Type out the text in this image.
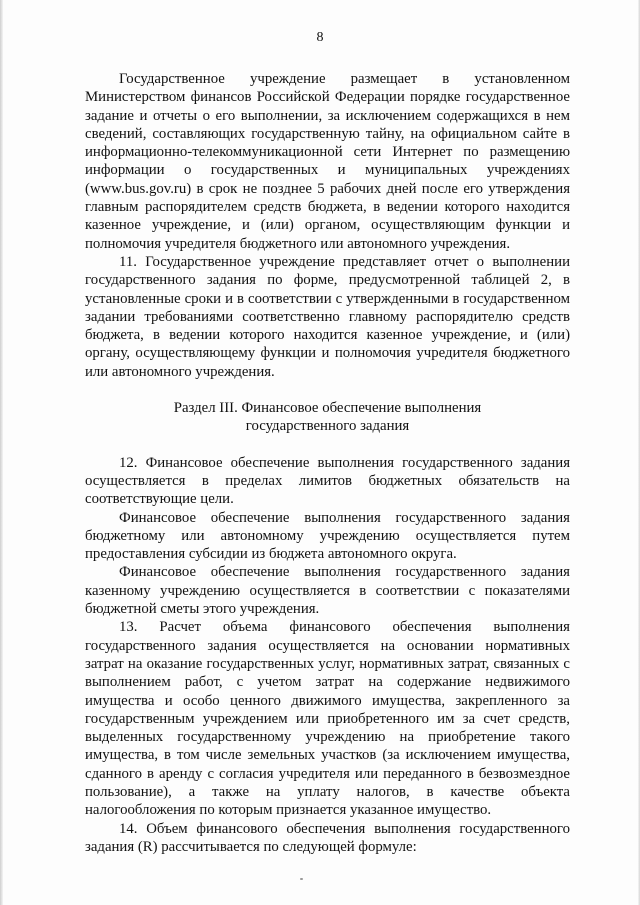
8

Государственное учреждение размещает в установленном Министерством финансов Российской Федерации порядке государственное задание и отчеты о его выполнении, за исключением содержащихся в нем сведений, составляющих государственную тайну, на официальном сайте в информационно-телекоммуникационной сети Интернет по размещению информации о государственных и муниципальных учреждениях (www.bus.gov.ru) в срок не позднее 5 рабочих дней после его утверждения главным распорядителем средств бюджета, в ведении которого находится казенное учреждение, и (или) органом, осуществляющим функции и полномочия учредителя бюджетного или автономного учреждения.

11. Государственное учреждение представляет отчет о выполнении государственного задания по форме, предусмотренной таблицей 2, в установленные сроки и в соответствии с утвержденными в государственном задании требованиями соответственно главному распорядителю средств бюджета, в ведении которого находится казенное учреждение, и (или) органу, осуществляющему функции и полномочия учредителя бюджетного или автономного учреждения.

Раздел III. Финансовое обеспечение выполнения
государственного задания

12. Финансовое обеспечение выполнения государственного задания осуществляется в пределах лимитов бюджетных обязательств на соответствующие цели.

Финансовое обеспечение выполнения государственного задания бюджетному или автономному учреждению осуществляется путем предоставления субсидии из бюджета автономного округа.

Финансовое обеспечение выполнения государственного задания казенному учреждению осуществляется в соответствии с показателями бюджетной сметы этого учреждения.

13. Расчет объема финансового обеспечения выполнения государственного задания осуществляется на основании нормативных затрат на оказание государственных услуг, нормативных затрат, связанных с выполнением работ, с учетом затрат на содержание недвижимого имущества и особо ценного движимого имущества, закрепленного за государственным учреждением или приобретенного им за счет средств, выделенных государственному учреждению на приобретение такого имущества, в том числе земельных участков (за исключением имущества, сданного в аренду с согласия учредителя или переданного в безвозмездное пользование), а также на уплату налогов, в качестве объекта налогообложения по которым признается указанное имущество.

14. Объем финансового обеспечения выполнения государственного задания (R) рассчитывается по следующей формуле:
